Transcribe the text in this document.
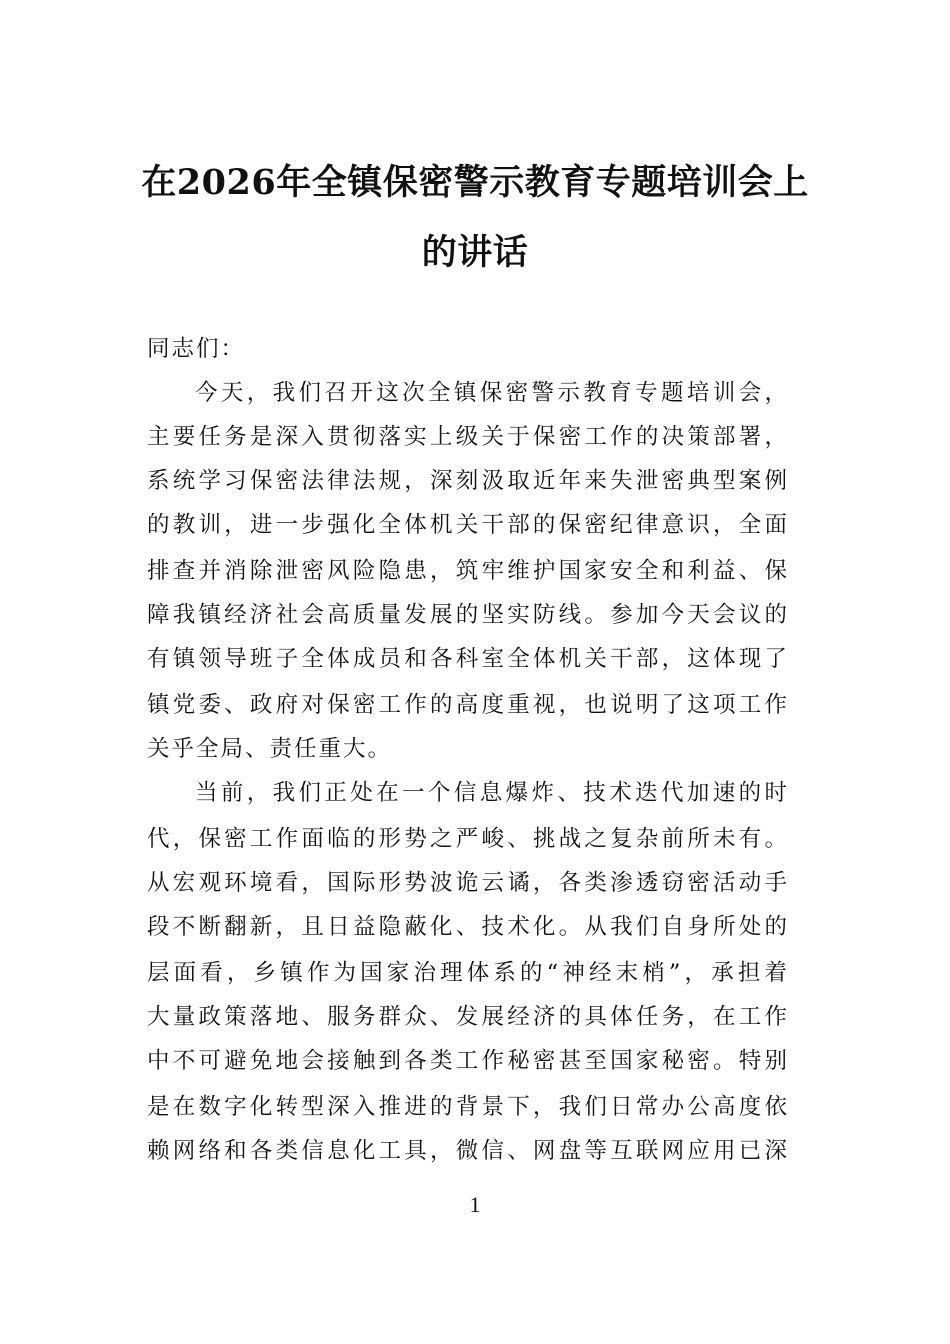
在2026年全镇保密警示教育专题培训会上
的讲话
同志们：
今天，我们召开这次全镇保密警示教育专题培训会，
主要任务是深入贯彻落实上级关于保密工作的决策部署，
系统学习保密法律法规，深刻汲取近年来失泄密典型案例
的教训，进一步强化全体机关干部的保密纪律意识，全面
排查并消除泄密风险隐患，筑牢维护国家安全和利益、保
障我镇经济社会高质量发展的坚实防线。参加今天会议的
有镇领导班子全体成员和各科室全体机关干部，这体现了
镇党委、政府对保密工作的高度重视，也说明了这项工作
关乎全局、责任重大。
当前，我们正处在一个信息爆炸、技术迭代加速的时
代，保密工作面临的形势之严峻、挑战之复杂前所未有。
从宏观环境看，国际形势波诡云谲，各类渗透窃密活动手
段不断翻新，且日益隐蔽化、技术化。从我们自身所处的
层面看，乡镇作为国家治理体系的“神经末梢”，承担着
大量政策落地、服务群众、发展经济的具体任务，在工作
中不可避免地会接触到各类工作秘密甚至国家秘密。特别
是在数字化转型深入推进的背景下，我们日常办公高度依
赖网络和各类信息化工具，微信、网盘等互联网应用已深
1
